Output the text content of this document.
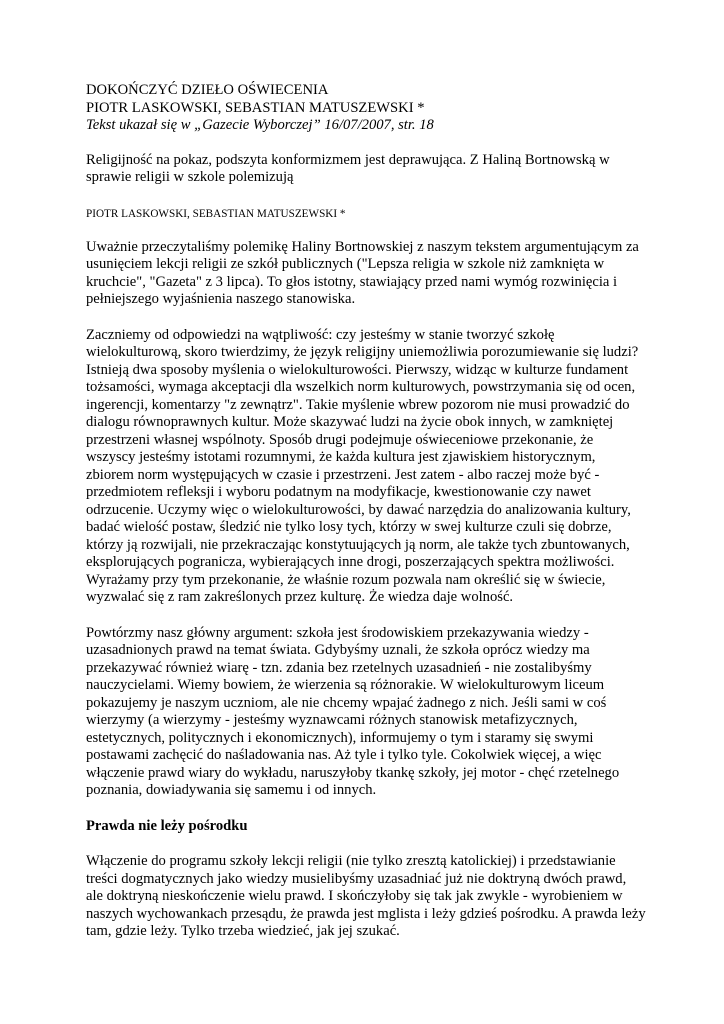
DOKOŃCZYĆ DZIEŁO OŚWIECENIA

PIOTR LASKOWSKI, SEBASTIAN MATUSZEWSKI *

Tekst ukazał się w „Gazecie Wyborczej” 16/07/2007, str. 18

Religijność na pokaz, podszyta konformizmem jest deprawująca. Z Haliną Bortnowską w sprawie religii w szkole polemizują

PIOTR LASKOWSKI, SEBASTIAN MATUSZEWSKI *

Uważnie przeczytaliśmy polemikę Haliny Bortnowskiej z naszym tekstem argumentującym za usunięciem lekcji religii ze szkół publicznych ("Lepsza religia w szkole niż zamknięta w kruchcie", "Gazeta" z 3 lipca). To głos istotny, stawiający przed nami wymóg rozwinięcia i pełniejszego wyjaśnienia naszego stanowiska.

Zaczniemy od odpowiedzi na wątpliwość: czy jesteśmy w stanie tworzyć szkołę wielokulturową, skoro twierdzimy, że język religijny uniemożliwia porozumiewanie się ludzi? Istnieją dwa sposoby myślenia o wielokulturowości. Pierwszy, widząc w kulturze fundament tożsamości, wymaga akceptacji dla wszelkich norm kulturowych, powstrzymania się od ocen, ingerencji, komentarzy "z zewnątrz". Takie myślenie wbrew pozorom nie musi prowadzić do dialogu równoprawnych kultur. Może skazywać ludzi na życie obok innych, w zamkniętej przestrzeni własnej wspólnoty. Sposób drugi podejmuje oświeceniowe przekonanie, że wszyscy jesteśmy istotami rozumnymi, że każda kultura jest zjawiskiem historycznym, zbiorem norm występujących w czasie i przestrzeni. Jest zatem - albo raczej może być - przedmiotem refleksji i wyboru podatnym na modyfikacje, kwestionowanie czy nawet odrzucenie. Uczymy więc o wielokulturowości, by dawać narzędzia do analizowania kultury, badać wielość postaw, śledzić nie tylko losy tych, którzy w swej kulturze czuli się dobrze, którzy ją rozwijali, nie przekraczając konstytuujących ją norm, ale także tych zbuntowanych, eksplorujących pogranicza, wybierających inne drogi, poszerzających spektra możliwości. Wyrażamy przy tym przekonanie, że właśnie rozum pozwala nam określić się w świecie, wyzwalać się z ram zakreślonych przez kulturę. Że wiedza daje wolność.

Powtórzmy nasz główny argument: szkoła jest środowiskiem przekazywania wiedzy - uzasadnionych prawd na temat świata. Gdybyśmy uznali, że szkoła oprócz wiedzy ma przekazywać również wiarę - tzn. zdania bez rzetelnych uzasadnień - nie zostalibyśmy nauczycielami. Wiemy bowiem, że wierzenia są różnorakie. W wielokulturowym liceum pokazujemy je naszym uczniom, ale nie chcemy wpajać żadnego z nich. Jeśli sami w coś wierzymy (a wierzymy - jesteśmy wyznawcami różnych stanowisk metafizycznych, estetycznych, politycznych i ekonomicznych), informujemy o tym i staramy się swymi postawami zachęcić do naśladowania nas. Aż tyle i tylko tyle. Cokolwiek więcej, a więc włączenie prawd wiary do wykładu, naruszyłoby tkankę szkoły, jej motor - chęć rzetelnego poznania, dowiadywania się samemu i od innych.

Prawda nie leży pośrodku

Włączenie do programu szkoły lekcji religii (nie tylko zresztą katolickiej) i przedstawianie treści dogmatycznych jako wiedzy musielibyśmy uzasadniać już nie doktryną dwóch prawd, ale doktryną nieskończenie wielu prawd. I skończyłoby się tak jak zwykle - wyrobieniem w naszych wychowankach przesądu, że prawda jest mglista i leży gdzieś pośrodku. A prawda leży tam, gdzie leży. Tylko trzeba wiedzieć, jak jej szukać.
